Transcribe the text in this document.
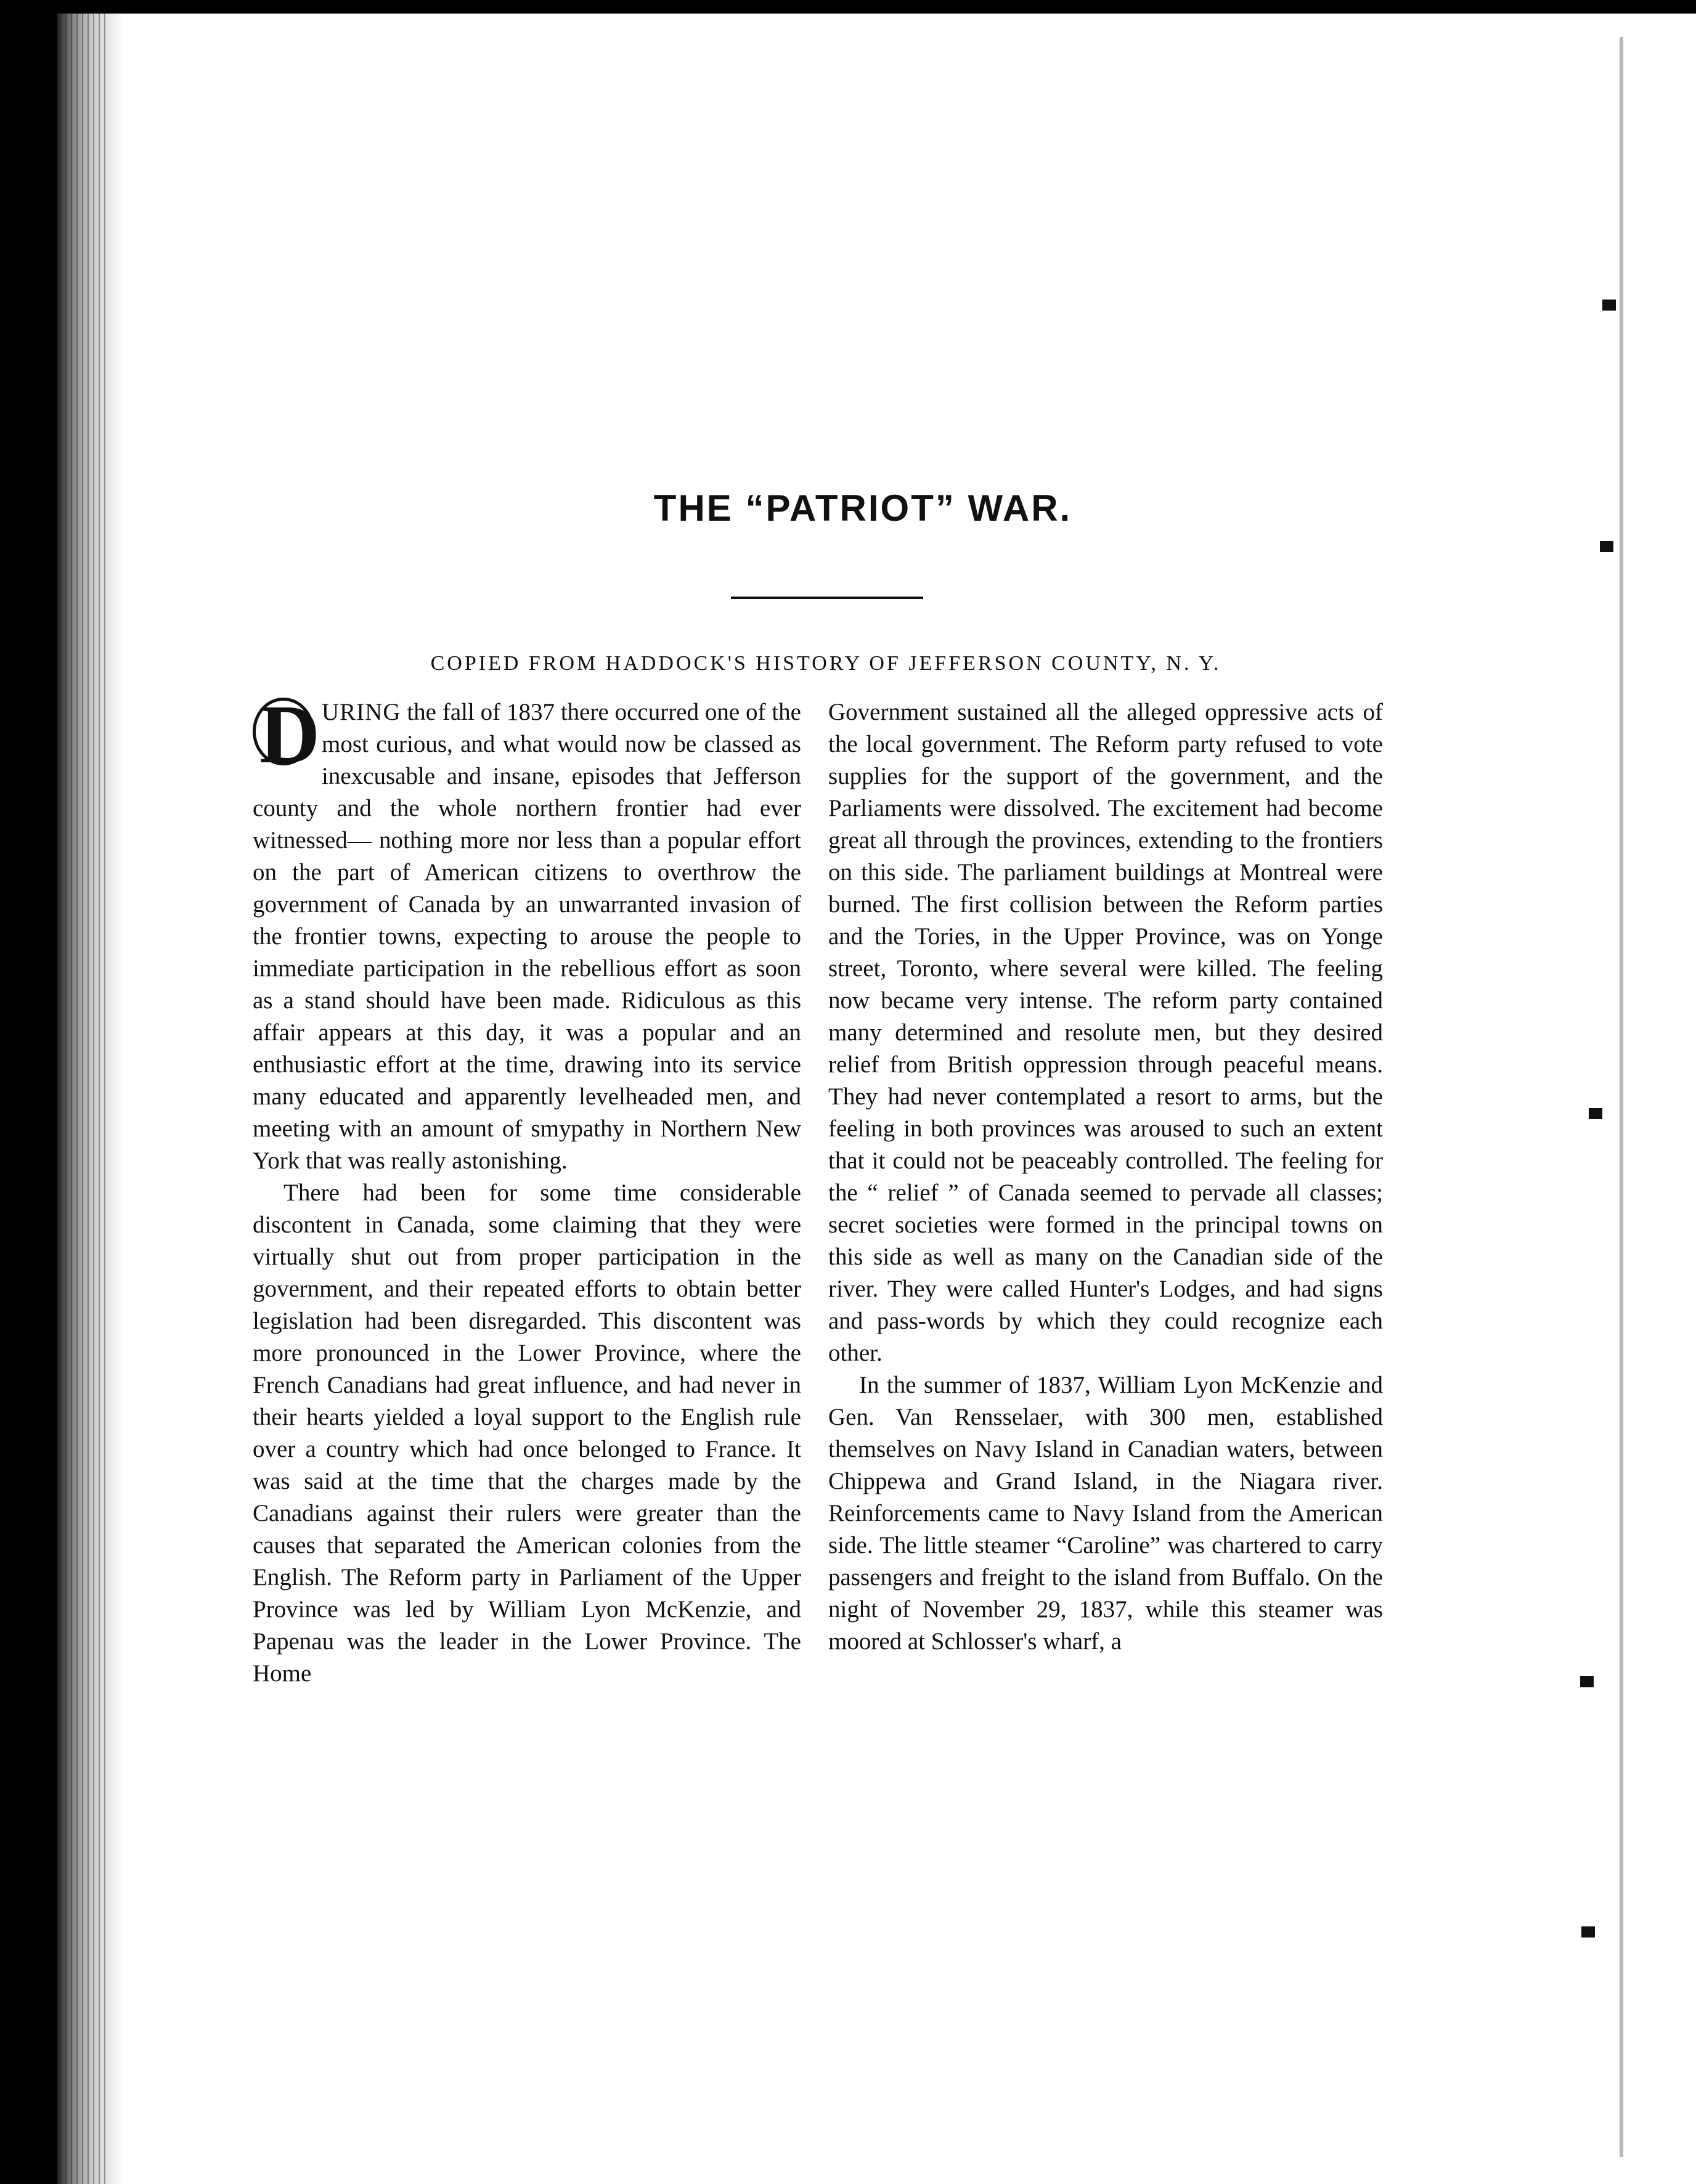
THE “PATRIOT” WAR.
COPIED FROM HADDOCK'S HISTORY OF JEFFERSON COUNTY, N. Y.

D URING the fall of 1837 there occurred one of the most curious, and what would now be classed as inexcusable and insane, episodes that Jefferson county and the whole northern frontier had ever witnessed— nothing more nor less than a popular effort on the part of American citizens to overthrow the government of Canada by an unwarranted invasion of the frontier towns, expecting to arouse the people to immediate participation in the rebellious effort as soon as a stand should have been made. Ridiculous as this affair appears at this day, it was a popular and an enthusiastic effort at the time, drawing into its service many educated and apparently levelheaded men, and meeting with an amount of smypathy in Northern New York that was really astonishing.

There had been for some time considerable discontent in Canada, some claiming that they were virtually shut out from proper participation in the government, and their repeated efforts to obtain better legislation had been disregarded. This discontent was more pronounced in the Lower Province, where the French Canadians had great influence, and had never in their hearts yielded a loyal support to the English rule over a country which had once belonged to France. It was said at the time that the charges made by the Canadians against their rulers were greater than the causes that separated the American colonies from the English. The Reform party in Parliament of the Upper Province was led by William Lyon McKenzie, and Papenau was the leader in the Lower Province. The Home

Government sustained all the alleged oppressive acts of the local government. The Reform party refused to vote supplies for the support of the government, and the Parliaments were dissolved. The excitement had become great all through the provinces, extending to the frontiers on this side. The parliament buildings at Montreal were burned. The first collision between the Reform parties and the Tories, in the Upper Province, was on Yonge street, Toronto, where several were killed. The feeling now became very intense. The reform party contained many determined and resolute men, but they desired relief from British oppression through peaceful means. They had never contemplated a resort to arms, but the feeling in both provinces was aroused to such an extent that it could not be peaceably controlled. The feeling for the “ relief ” of Canada seemed to pervade all classes; secret societies were formed in the principal towns on this side as well as many on the Canadian side of the river. They were called Hunter's Lodges, and had signs and pass-words by which they could recognize each other.

In the summer of 1837, William Lyon McKenzie and Gen. Van Rensselaer, with 300 men, established themselves on Navy Island in Canadian waters, between Chippewa and Grand Island, in the Niagara river. Reinforcements came to Navy Island from the American side. The little steamer “Caroline” was chartered to carry passengers and freight to the island from Buffalo. On the night of November 29, 1837, while this steamer was moored at Schlosser's wharf, a
